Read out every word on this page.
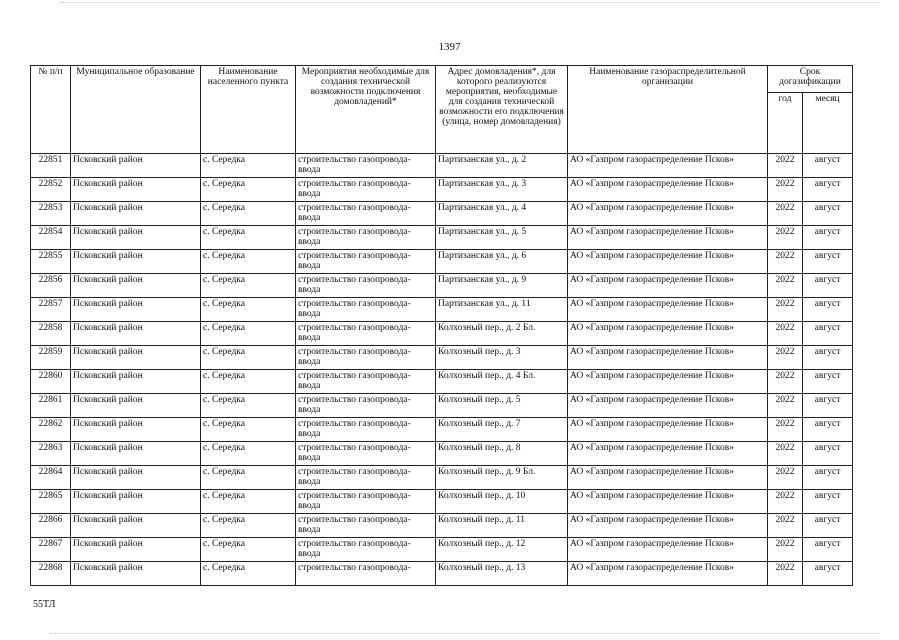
1397
№ п/п	Муниципальное образование	Наименование населенного пункта	Мероприятия необходимые для создания технической возможности подключения домовладений*	Адрес домовладения*, для которого реализуются мероприятия, необходимые для создания технической возможности его подключения (улица, номер домовладения)	Наименование газораспределительной организации	Срок догазификации	
						год	месяц
22851	Псковский район	с. Середка	строительство газопровода-ввода	Партизанская ул., д. 2	АО «Газпром газораспределение Псков»	2022	август
22852	Псковский район	с. Середка	строительство газопровода-ввода	Партизанская ул., д. 3	АО «Газпром газораспределение Псков»	2022	август
22853	Псковский район	с. Середка	строительство газопровода-ввода	Партизанская ул., д. 4	АО «Газпром газораспределение Псков»	2022	август
22854	Псковский район	с. Середка	строительство газопровода-ввода	Партизанская ул., д. 5	АО «Газпром газораспределение Псков»	2022	август
22855	Псковский район	с. Середка	строительство газопровода-ввода	Партизанская ул., д. 6	АО «Газпром газораспределение Псков»	2022	август
22856	Псковский район	с. Середка	строительство газопровода-ввода	Партизанская ул., д. 9	АО «Газпром газораспределение Псков»	2022	август
22857	Псковский район	с. Середка	строительство газопровода-ввода	Партизанская ул., д. 11	АО «Газпром газораспределение Псков»	2022	август
22858	Псковский район	с. Середка	строительство газопровода-ввода	Колхозный пер., д. 2 Бл.	АО «Газпром газораспределение Псков»	2022	август
22859	Псковский район	с. Середка	строительство газопровода-ввода	Колхозный пер., д. 3	АО «Газпром газораспределение Псков»	2022	август
22860	Псковский район	с. Середка	строительство газопровода-ввода	Колхозный пер., д. 4 Бл.	АО «Газпром газораспределение Псков»	2022	август
22861	Псковский район	с. Середка	строительство газопровода-ввода	Колхозный пер., д. 5	АО «Газпром газораспределение Псков»	2022	август
22862	Псковский район	с. Середка	строительство газопровода-ввода	Колхозный пер., д. 7	АО «Газпром газораспределение Псков»	2022	август
22863	Псковский район	с. Середка	строительство газопровода-ввода	Колхозный пер., д. 8	АО «Газпром газораспределение Псков»	2022	август
22864	Псковский район	с. Середка	строительство газопровода-ввода	Колхозный пер., д. 9 Бл.	АО «Газпром газораспределение Псков»	2022	август
22865	Псковский район	с. Середка	строительство газопровода-ввода	Колхозный пер., д. 10	АО «Газпром газораспределение Псков»	2022	август
22866	Псковский район	с. Середка	строительство газопровода-ввода	Колхозный пер., д. 11	АО «Газпром газораспределение Псков»	2022	август
22867	Псковский район	с. Середка	строительство газопровода-ввода	Колхозный пер., д. 12	АО «Газпром газораспределение Псков»	2022	август
22868	Псковский район	с. Середка	строительство газопровода-	Колхозный пер., д. 13	АО «Газпром газораспределение Псков»	2022	август
55ТЛ
